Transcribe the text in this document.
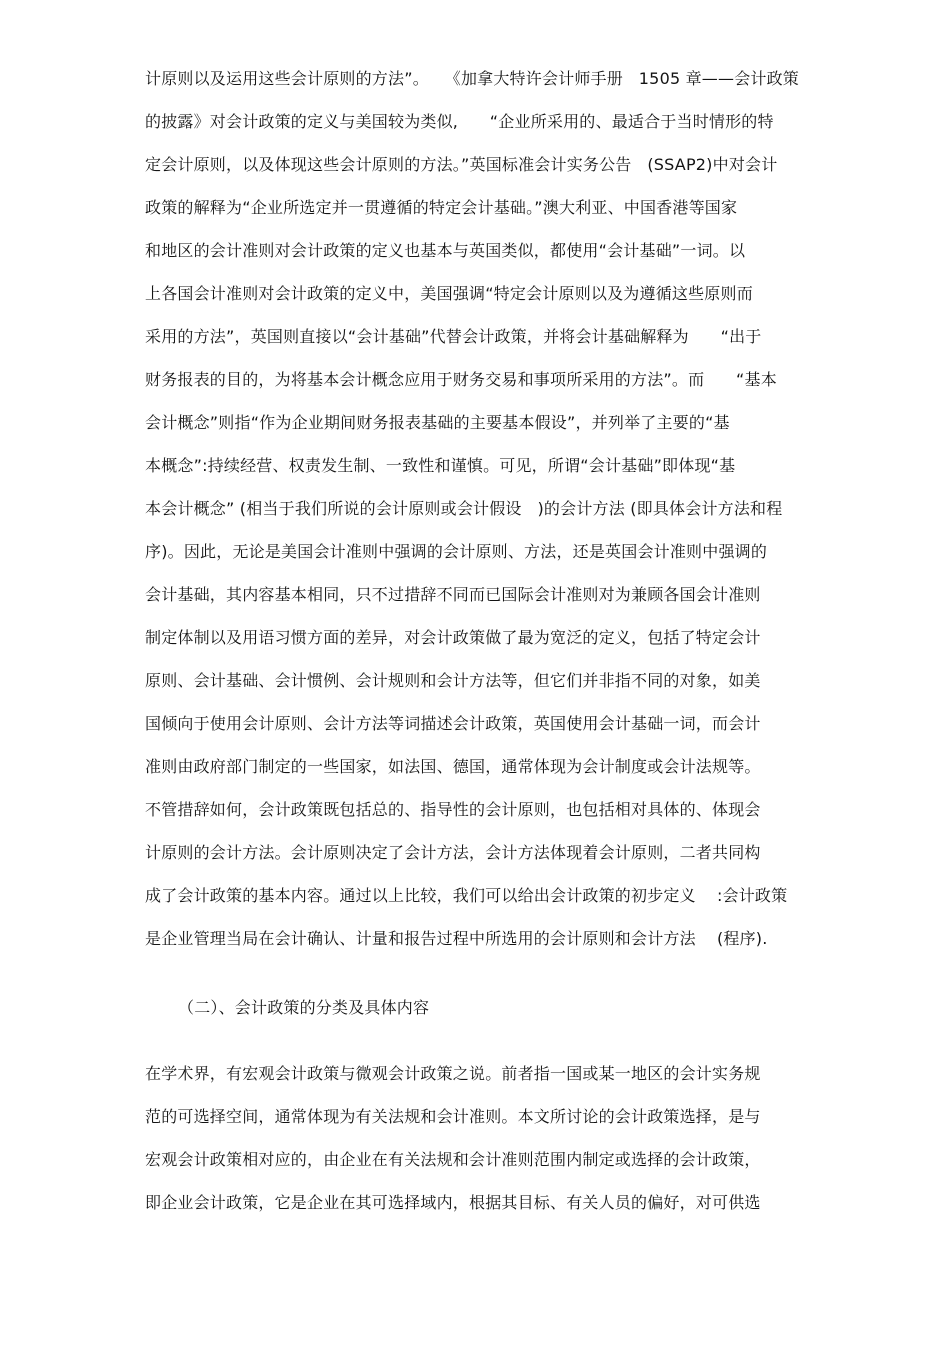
计原则以及运用这些会计原则的方法”。   《加拿大特许会计师手册   1505 章——会计政策
的披露》对会计政策的定义与美国较为类似,      “企业所采用的、最适合于当时情形的特
定会计原则，以及体现这些会计原则的方法。”英国标准会计实务公告   (SSAP2)中对会计
政策的解释为“企业所选定并一贯遵循的特定会计基础。”澳大利亚、中国香港等国家
和地区的会计准则对会计政策的定义也基本与英国类似，都使用“会计基础”一词。以
上各国会计准则对会计政策的定义中，美国强调“特定会计原则以及为遵循这些原则而
采用的方法”，英国则直接以“会计基础”代替会计政策，并将会计基础解释为      “出于
财务报表的目的，为将基本会计概念应用于财务交易和事项所采用的方法”。而      “基本
会计概念”则指“作为企业期间财务报表基础的主要基本假设”，并列举了主要的“基
本概念”:持续经营、权责发生制、一致性和谨慎。可见，所谓“会计基础”即体现“基
本会计概念” (相当于我们所说的会计原则或会计假设   )的会计方法 (即具体会计方法和程
序)。因此，无论是美国会计准则中强调的会计原则、方法，还是英国会计准则中强调的
会计基础，其内容基本相同，只不过措辞不同而已国际会计准则对为兼顾各国会计准则
制定体制以及用语习惯方面的差异，对会计政策做了最为宽泛的定义，包括了特定会计
原则、会计基础、会计惯例、会计规则和会计方法等，但它们并非指不同的对象，如美
国倾向于使用会计原则、会计方法等词描述会计政策，英国使用会计基础一词，而会计
准则由政府部门制定的一些国家，如法国、德国，通常体现为会计制度或会计法规等。
不管措辞如何，会计政策既包括总的、指导性的会计原则，也包括相对具体的、体现会
计原则的会计方法。会计原则决定了会计方法，会计方法体现着会计原则，二者共同构
成了会计政策的基本内容。通过以上比较，我们可以给出会计政策的初步定义    :会计政策
是企业管理当局在会计确认、计量和报告过程中所选用的会计原则和会计方法    (程序).
（二）、会计政策的分类及具体内容
在学术界，有宏观会计政策与微观会计政策之说。前者指一国或某一地区的会计实务规
范的可选择空间，通常体现为有关法规和会计准则。本文所讨论的会计政策选择，是与
宏观会计政策相对应的，由企业在有关法规和会计准则范围内制定或选择的会计政策，
即企业会计政策，它是企业在其可选择域内，根据其目标、有关人员的偏好，对可供选
